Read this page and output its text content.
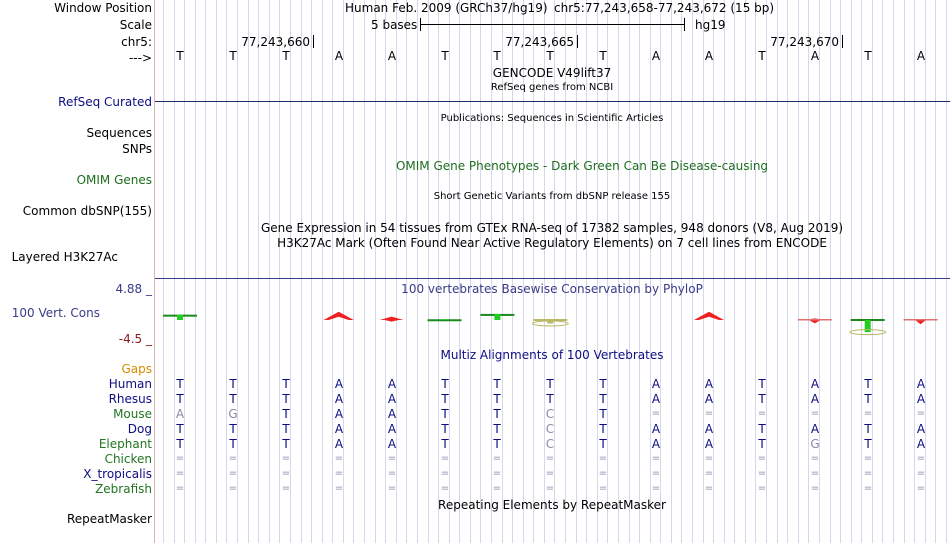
Window Position
Scale
chr5:
--->
RefSeq Curated
Sequences
SNPs
OMIM Genes
Common dbSNP(155)
Layered H3K27Ac
4.88 _
100 Vert. Cons
-4.5 _
Gaps
Human
Rhesus
Mouse
Dog
Elephant
Chicken
X_tropicalis
Zebrafish
RepeatMasker
Human Feb. 2009 (GRCh37/hg19) chr5:77,243,658-77,243,672 (15 bp)
5 bases	hg19
77,243,660	77,243,665	77,243,670
T	T	T	A	A	T	T	T	T	A	A	T	A	T	A
GENCODE V49lift37
RefSeq genes from NCBI
Publications: Sequences in Scientific Articles
OMIM Gene Phenotypes - Dark Green Can Be Disease-causing
Short Genetic Variants from dbSNP release 155
Gene Expression in 54 tissues from GTEx RNA-seq of 17382 samples, 948 donors (V8, Aug 2019)
H3K27Ac Mark (Often Found Near Active Regulatory Elements) on 7 cell lines from ENCODE
100 vertebrates Basewise Conservation by PhyloP
Multiz Alignments of 100 Vertebrates
T	T	T	A	A	T	T	T	T	A	A	T	A	T	A
T	T	T	A	A	T	T	T	T	A	A	T	A	T	A
A	G	T	A	A	T	T	C	T	=	=	=	=	=	=
T	T	T	A	A	T	T	C	T	A	A	T	A	T	A
T	T	T	A	A	T	T	C	T	A	A	T	G	T	A
=	=	=	=	=	=	=	=	=	=	=	=	=	=	=
=	=	=	=	=	=	=	=	=	=	=	=	=	=	=
=	=	=	=	=	=	=	=	=	=	=	=	=	=	=
Repeating Elements by RepeatMasker
